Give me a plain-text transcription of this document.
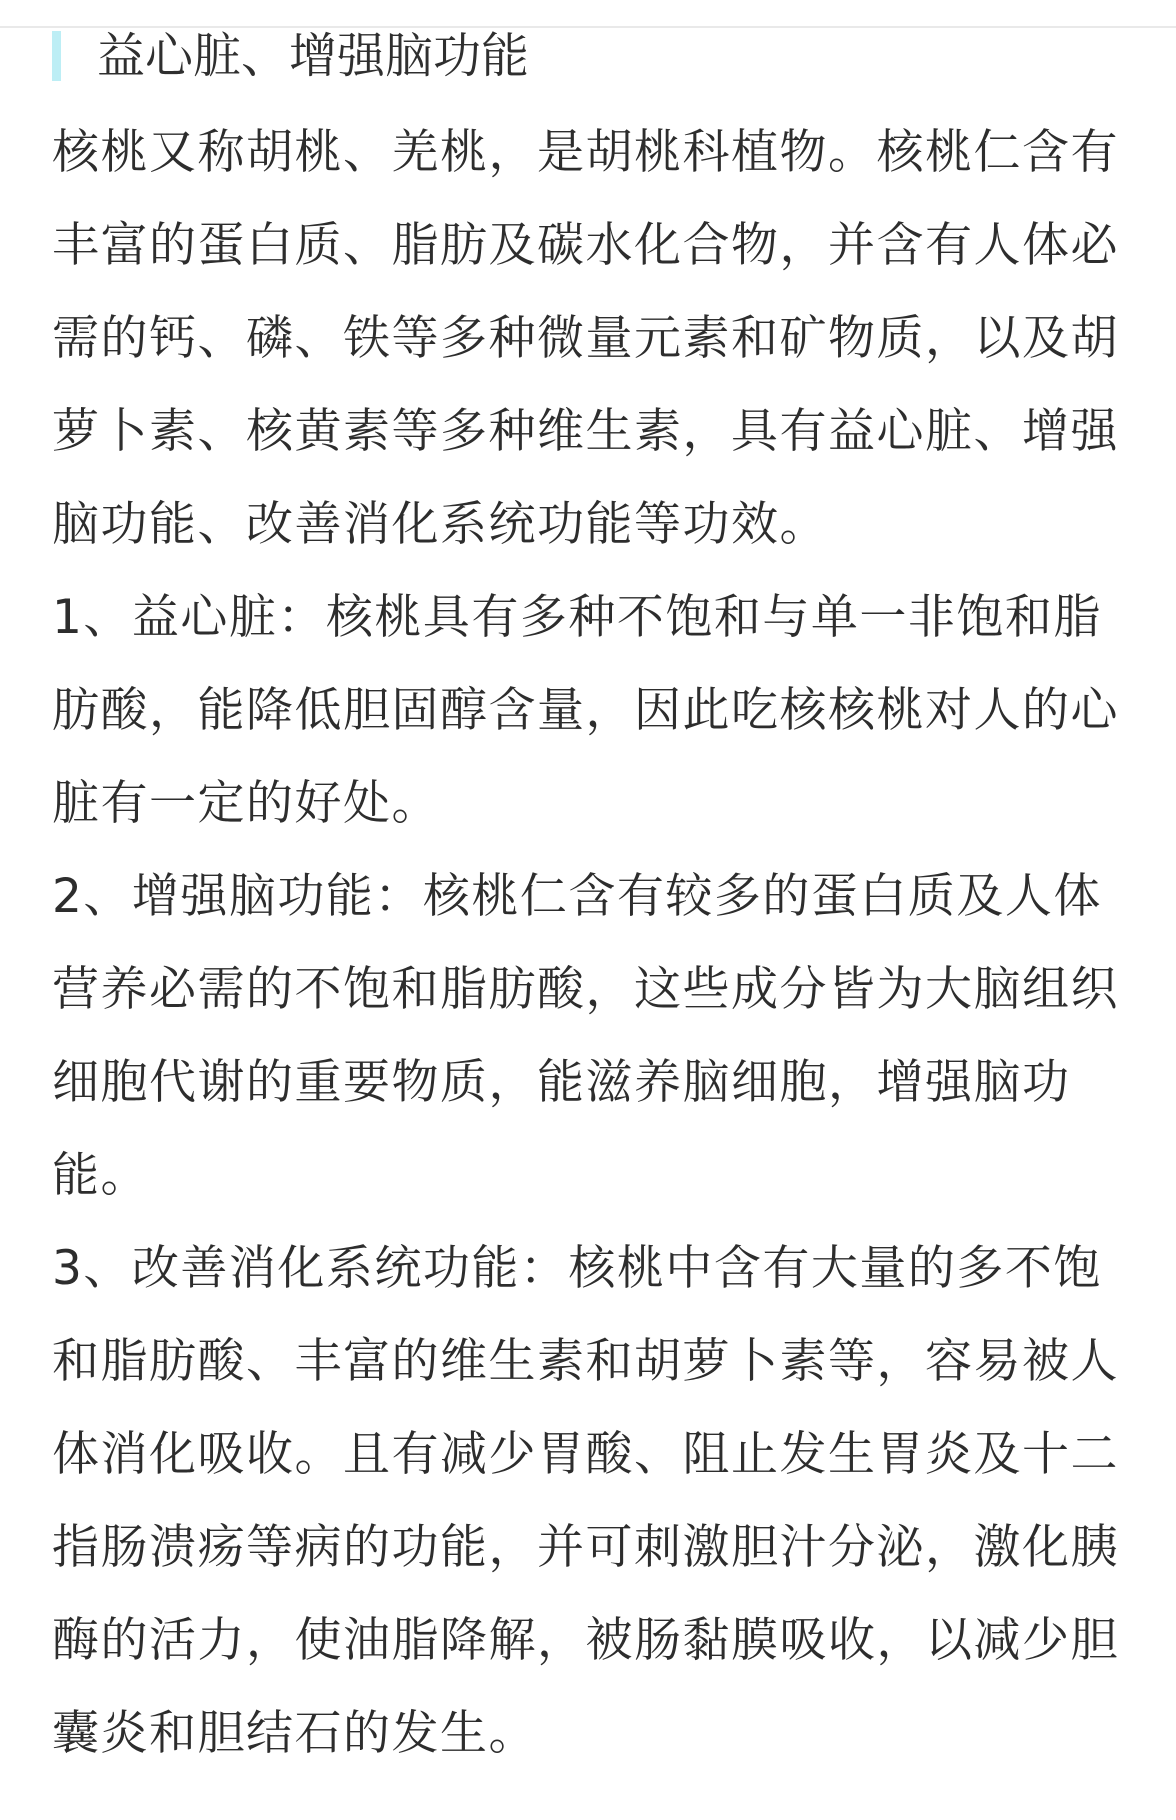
益心脏、增强脑功能

核桃又称胡桃、羌桃，是胡桃科植物。核桃仁含有丰富的蛋白质、脂肪及碳水化合物，并含有人体必需的钙、磷、铁等多种微量元素和矿物质，以及胡萝卜素、核黄素等多种维生素，具有益心脏、增强脑功能、改善消化系统功能等功效。

1、益心脏：核桃具有多种不饱和与单一非饱和脂肪酸，能降低胆固醇含量，因此吃核核桃对人的心脏有一定的好处。

2、增强脑功能：核桃仁含有较多的蛋白质及人体营养必需的不饱和脂肪酸，这些成分皆为大脑组织细胞代谢的重要物质，能滋养脑细胞，增强脑功能。

3、改善消化系统功能：核桃中含有大量的多不饱和脂肪酸、丰富的维生素和胡萝卜素等，容易被人体消化吸收。且有减少胃酸、阻止发生胃炎及十二指肠溃疡等病的功能，并可刺激胆汁分泌，激化胰酶的活力，使油脂降解，被肠黏膜吸收，以减少胆囊炎和胆结石的发生。
